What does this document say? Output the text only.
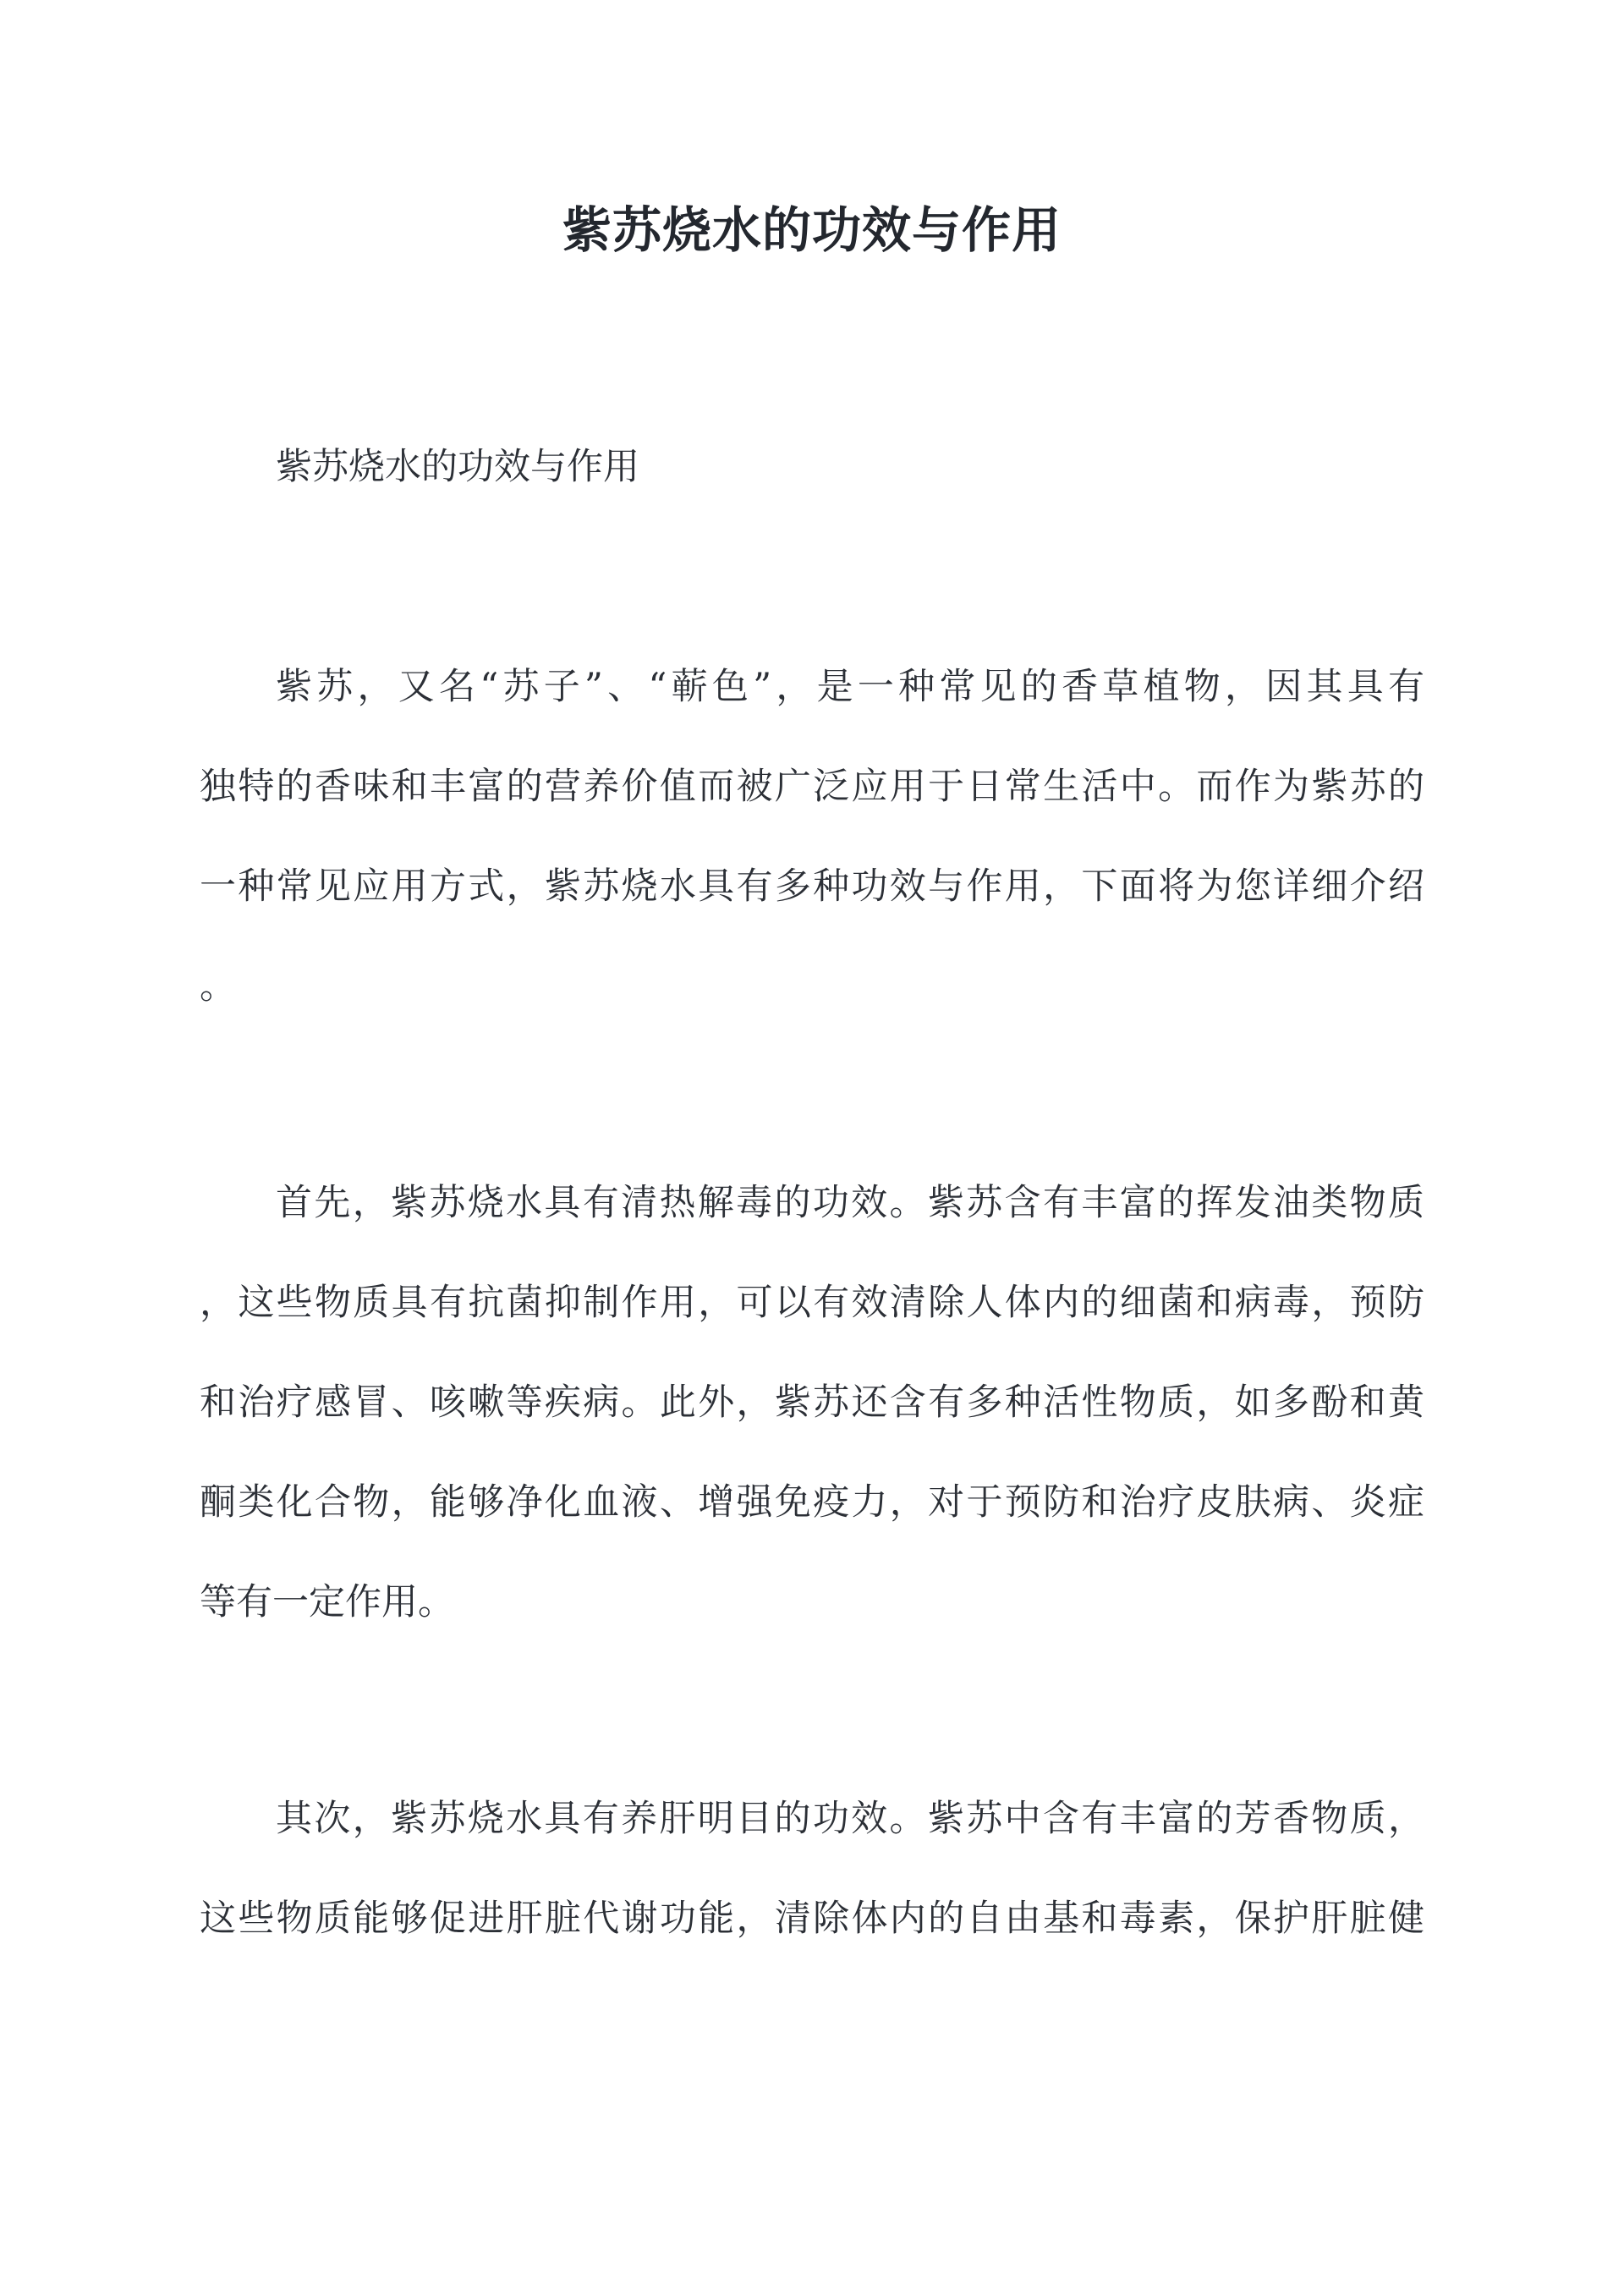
紫苏烧水的功效与作用

紫苏烧水的功效与作用

紫苏，又名“苏子”、“蕲色”，是一种常见的香草植物，因其具有

独特的香味和丰富的营养价值而被广泛应用于日常生活中。而作为紫苏的

一种常见应用方式，紫苏烧水具有多种功效与作用，下面将为您详细介绍

。

首先，紫苏烧水具有清热解毒的功效。紫苏含有丰富的挥发油类物质

，这些物质具有抗菌抑制作用，可以有效清除人体内的细菌和病毒，预防

和治疗感冒、咳嗽等疾病。此外，紫苏还含有多种活性物质，如多酚和黄

酮类化合物，能够净化血液、增强免疫力，对于预防和治疗皮肤病、炎症

等有一定作用。

其次，紫苏烧水具有养肝明目的功效。紫苏中含有丰富的芳香物质，

这些物质能够促进肝脏代谢功能，清除体内的自由基和毒素，保护肝脏健
